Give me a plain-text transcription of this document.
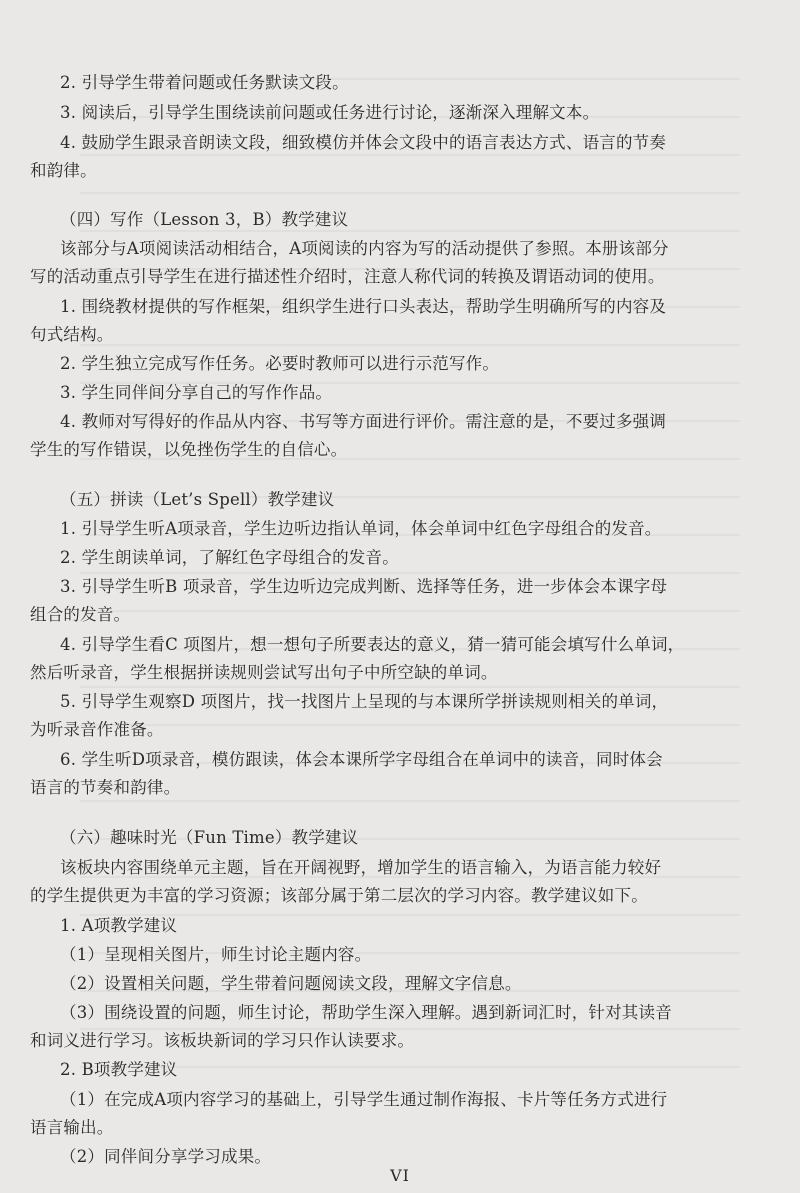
2. 引导学生带着问题或任务默读文段。
3. 阅读后，引导学生围绕读前问题或任务进行讨论，逐渐深入理解文本。
4. 鼓励学生跟录音朗读文段，细致模仿并体会文段中的语言表达方式、语言的节奏
和韵律。
（四）写作（Lesson 3，B）教学建议
该部分与A项阅读活动相结合，A项阅读的内容为写的活动提供了参照。本册该部分
写的活动重点引导学生在进行描述性介绍时，注意人称代词的转换及谓语动词的使用。
1. 围绕教材提供的写作框架，组织学生进行口头表达，帮助学生明确所写的内容及
句式结构。
2. 学生独立完成写作任务。必要时教师可以进行示范写作。
3. 学生同伴间分享自己的写作作品。
4. 教师对写得好的作品从内容、书写等方面进行评价。需注意的是，不要过多强调
学生的写作错误，以免挫伤学生的自信心。
（五）拼读（Let’s Spell）教学建议
1. 引导学生听A项录音，学生边听边指认单词，体会单词中红色字母组合的发音。
2. 学生朗读单词，了解红色字母组合的发音。
3. 引导学生听B 项录音，学生边听边完成判断、选择等任务，进一步体会本课字母
组合的发音。
4. 引导学生看C 项图片，想一想句子所要表达的意义，猜一猜可能会填写什么单词，
然后听录音，学生根据拼读规则尝试写出句子中所空缺的单词。
5. 引导学生观察D 项图片，找一找图片上呈现的与本课所学拼读规则相关的单词，
为听录音作准备。
6. 学生听D项录音，模仿跟读，体会本课所学字母组合在单词中的读音，同时体会
语言的节奏和韵律。
（六）趣味时光（Fun Time）教学建议
该板块内容围绕单元主题，旨在开阔视野，增加学生的语言输入，为语言能力较好
的学生提供更为丰富的学习资源；该部分属于第二层次的学习内容。教学建议如下。
1. A项教学建议
（1）呈现相关图片，师生讨论主题内容。
（2）设置相关问题，学生带着问题阅读文段，理解文字信息。
（3）围绕设置的问题，师生讨论，帮助学生深入理解。遇到新词汇时，针对其读音
和词义进行学习。该板块新词的学习只作认读要求。
2. B项教学建议
（1）在完成A项内容学习的基础上，引导学生通过制作海报、卡片等任务方式进行
语言输出。
（2）同伴间分享学习成果。
VI
